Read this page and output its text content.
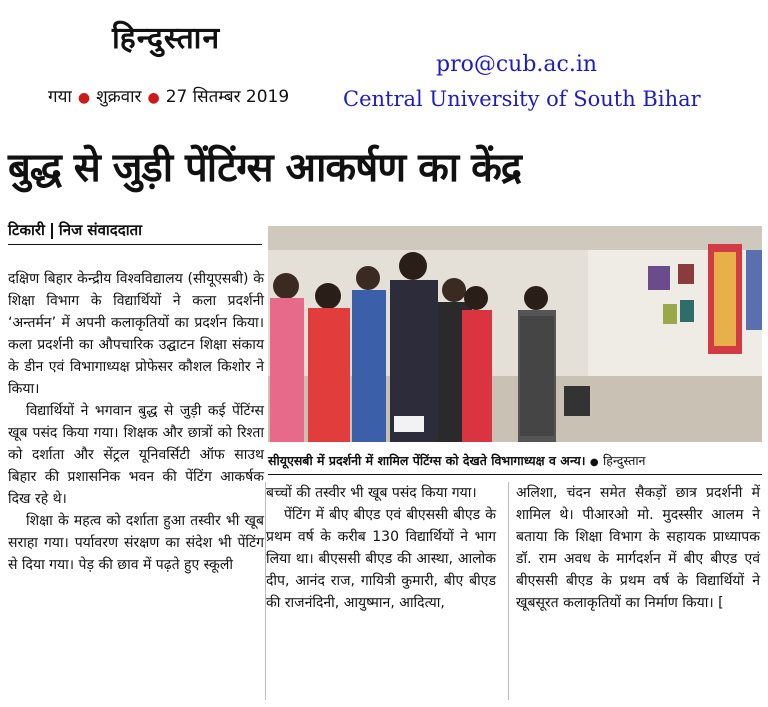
हिन्दुस्तान
गया ● शुक्रवार ● 27 सितम्बर 2019
pro@cub.ac.in
Central University of South Bihar
बुद्ध से जुड़ी पेंटिंग्स आकर्षण का केंद्र
टिकारी निज संवाददाता
सीयूएसबी में प्रदर्शनी में शामिल पेंटिंग्स को देखते विभागाध्यक्ष व अन्य। ● हिन्दुस्तान

दक्षिण बिहार केन्द्रीय विश्वविद्यालय (सीयूएसबी) के शिक्षा विभाग के विद्यार्थियों ने कला प्रदर्शनी ‘अन्तर्मन’ में अपनी कलाकृतियों का प्रदर्शन किया। कला प्रदर्शनी का औपचारिक उद्घाटन शिक्षा संकाय के डीन एवं विभागाध्यक्ष प्रोफेसर कौशल किशोर ने किया।

विद्यार्थियों ने भगवान बुद्ध से जुड़ी कई पेंटिंग्स खूब पसंद किया गया। शिक्षक और छात्रों को रिश्ता को दर्शाता और सेंट्रल यूनिवर्सिटी ऑफ साउथ बिहार की प्रशासनिक भवन की पेंटिंग आकर्षक दिख रहे थे।

शिक्षा के महत्व को दर्शाता हुआ तस्वीर भी खूब सराहा गया। पर्यावरण संरक्षण का संदेश भी पेंटिंग से दिया गया। पेड़ की छाव में पढ़ते हुए स्कूली

बच्चों की तस्वीर भी खूब पसंद किया गया।

पेंटिंग में बीए बीएड एवं बीएससी बीएड के प्रथम वर्ष के करीब 130 विद्यार्थियों ने भाग लिया था। बीएससी बीएड की आस्था, आलोक दीप, आनंद राज, गायित्री कुमारी, बीए बीएड की राजनंदिनी, आयुष्मान, आदित्या,

अलिशा, चंदन समेत सैकड़ों छात्र प्रदर्शनी में शामिल थे। पीआरओ मो. मुदस्सीर आलम ने बताया कि शिक्षा विभाग के सहायक प्राध्यापक डॉ. राम अवध के मार्गदर्शन में बीए बीएड एवं बीएससी बीएड के प्रथम वर्ष के विद्यार्थियों ने खूबसूरत कलाकृतियों का निर्माण किया। [
